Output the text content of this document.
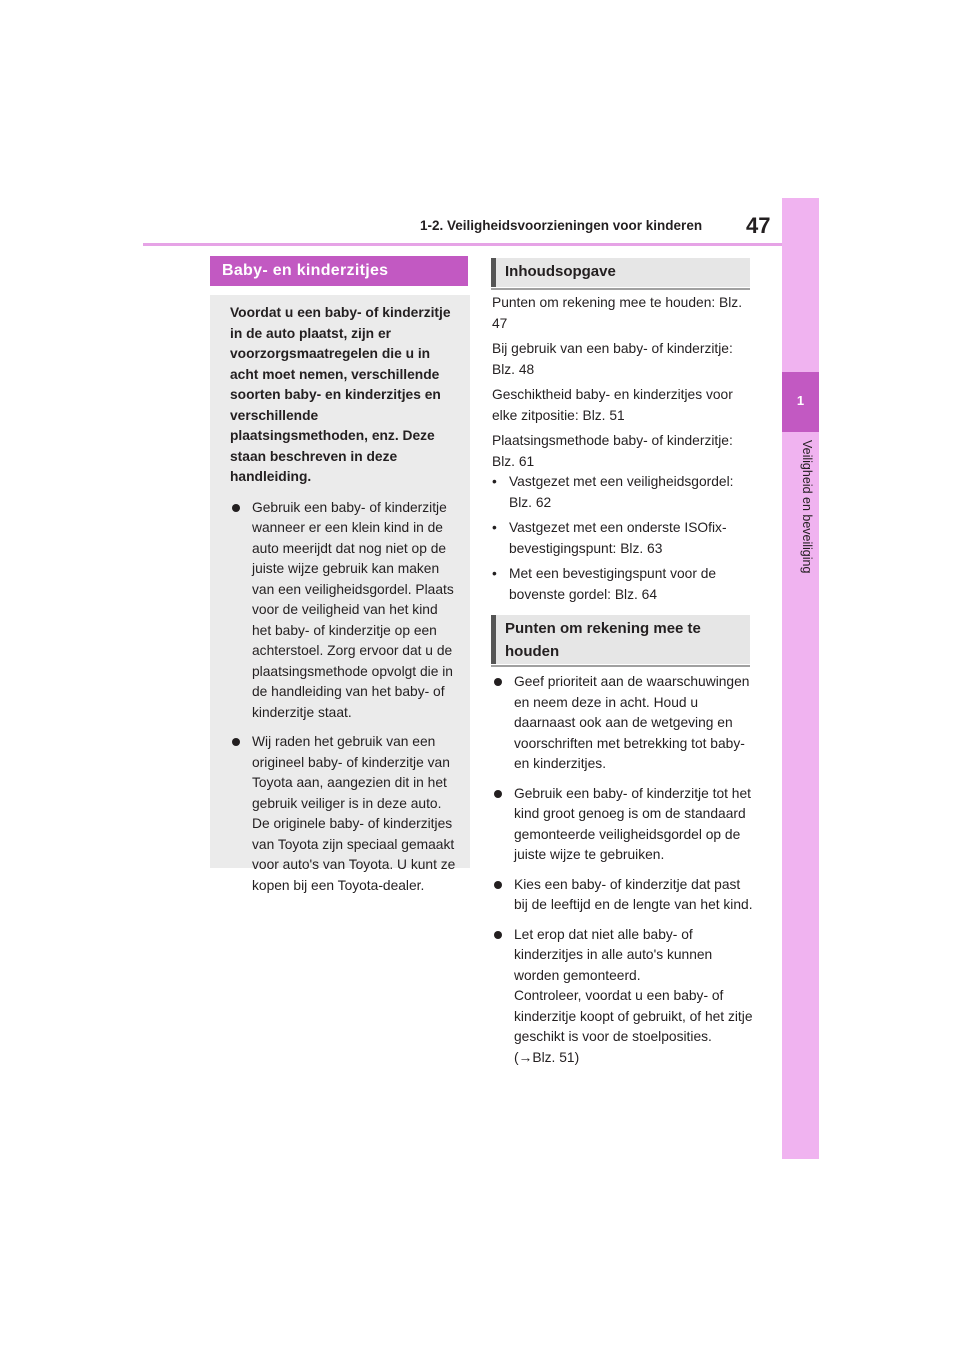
1-2. Veiligheidsvoorzieningen voor kinderen 47
1
Veiligheid en beveiliging
Baby- en kinderzitjes

Voordat u een baby- of kinderzitje in de auto plaatst, zijn er voorzorgsmaatregelen die u in acht moet nemen, verschillende soorten baby- en kinderzitjes en verschillende plaatsingsmethoden, enz. Deze staan beschreven in deze handleiding.

Gebruik een baby- of kinderzitje wanneer er een klein kind in de auto meerijdt dat nog niet op de juiste wijze gebruik kan maken van een veiligheidsgordel. Plaats voor de veiligheid van het kind het baby- of kinderzitje op een achterstoel. Zorg ervoor dat u de plaatsingsmethode opvolgt die in de handleiding van het baby- of kinderzitje staat.
Wij raden het gebruik van een origineel baby- of kinderzitje van Toyota aan, aangezien dit in het gebruik veiliger is in deze auto. De originele baby- of kinderzitjes van Toyota zijn speciaal gemaakt voor auto's van Toyota. U kunt ze kopen bij een Toyota-dealer.
Inhoudsopgave

Punten om rekening mee te houden: Blz. 47

Bij gebruik van een baby- of kinderzitje: Blz. 48

Geschiktheid baby- en kinderzitjes voor elke zitpositie: Blz. 51

Plaatsingsmethode baby- of kinderzitje: Blz. 61

• Vastgezet met een veiligheidsgordel: Blz. 62

• Vastgezet met een onderste ISOfix-bevestigingspunt: Blz. 63

• Met een bevestigingspunt voor de bovenste gordel: Blz. 64

Punten om rekening mee te houden
Geef prioriteit aan de waarschuwingen en neem deze in acht. Houd u daarnaast ook aan de wetgeving en voorschriften met betrekking tot baby- en kinderzitjes.
Gebruik een baby- of kinderzitje tot het kind groot genoeg is om de standaard gemonteerde veiligheidsgordel op de juiste wijze te gebruiken.
Kies een baby- of kinderzitje dat past bij de leeftijd en de lengte van het kind.
Let erop dat niet alle baby- of kinderzitjes in alle auto's kunnen worden gemonteerd.
Controleer, voordat u een baby- of kinderzitje koopt of gebruikt, of het zitje geschikt is voor de stoelposities. (→Blz. 51)
